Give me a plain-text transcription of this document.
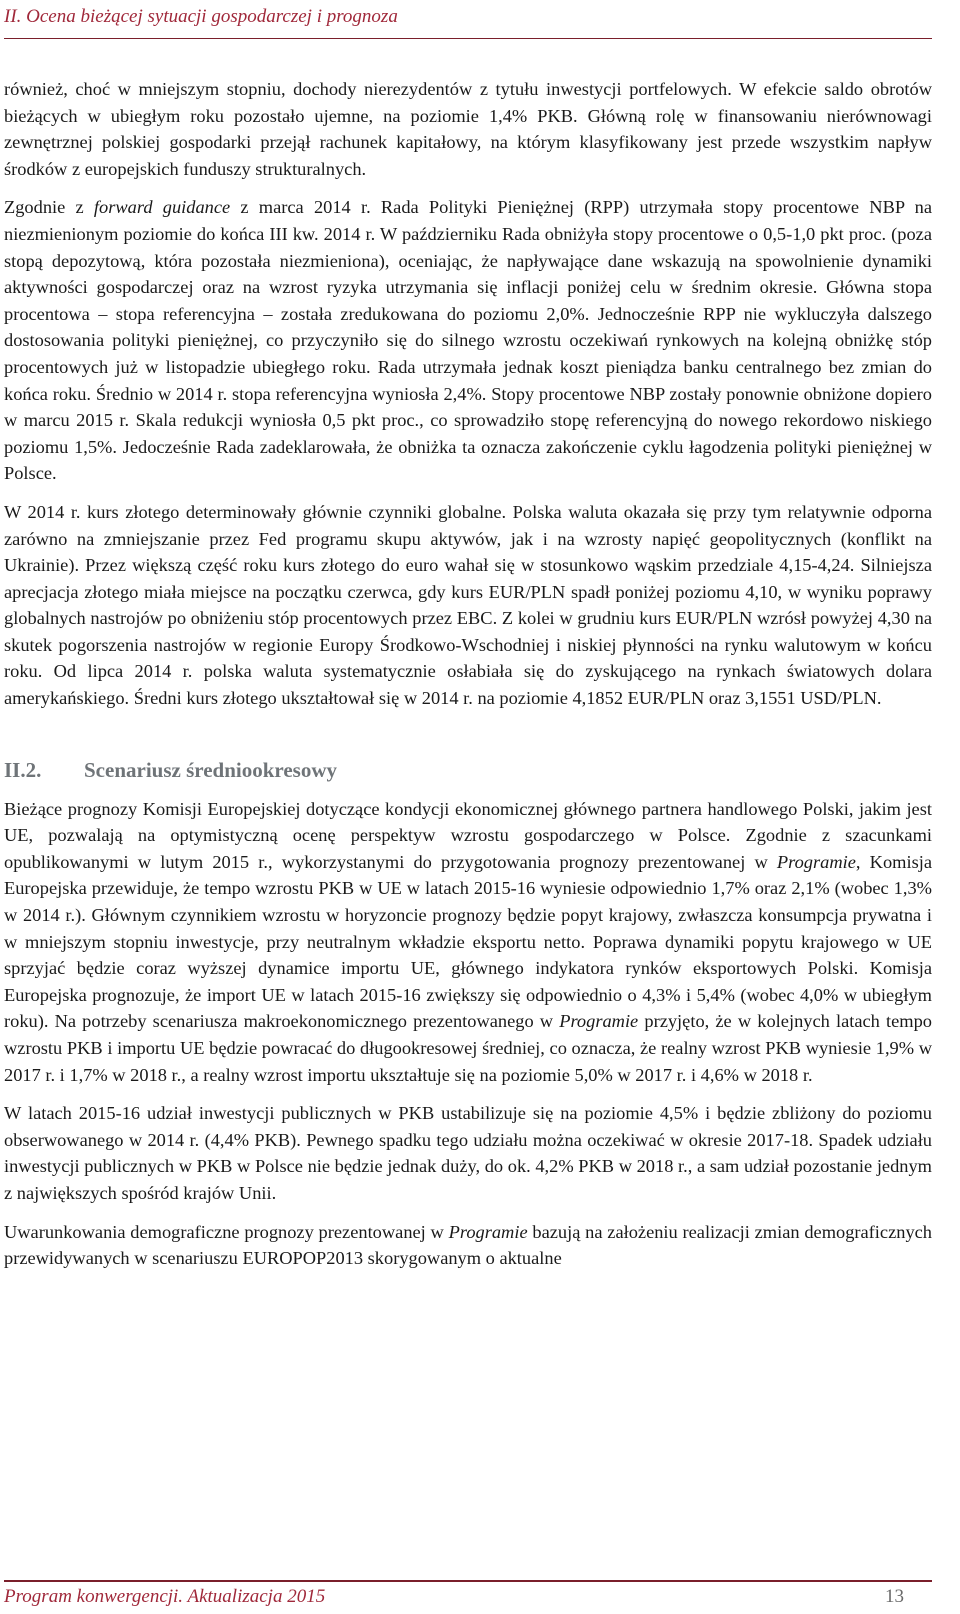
II. Ocena bieżącej sytuacji gospodarczej i prognoza

również, choć w mniejszym stopniu, dochody nierezydentów z tytułu inwestycji portfelowych. W efekcie saldo obrotów bieżących w ubiegłym roku pozostało ujemne, na poziomie 1,4% PKB. Główną rolę w finansowaniu nierównowagi zewnętrznej polskiej gospodarki przejął rachunek kapitałowy, na którym klasyfikowany jest przede wszystkim napływ środków z europejskich funduszy strukturalnych.

Zgodnie z forward guidance z marca 2014 r. Rada Polityki Pieniężnej (RPP) utrzymała stopy procentowe NBP na niezmienionym poziomie do końca III kw. 2014 r. W październiku Rada obniżyła stopy procentowe o 0,5-1,0 pkt proc. (poza stopą depozytową, która pozostała niezmieniona), oceniając, że napływające dane wskazują na spowolnienie dynamiki aktywności gospodarczej oraz na wzrost ryzyka utrzymania się inflacji poniżej celu w średnim okresie. Główna stopa procentowa – stopa referencyjna – została zredukowana do poziomu 2,0%. Jednocześnie RPP nie wykluczyła dalszego dostosowania polityki pieniężnej, co przyczyniło się do silnego wzrostu oczekiwań rynkowych na kolejną obniżkę stóp procentowych już w listopadzie ubiegłego roku. Rada utrzymała jednak koszt pieniądza banku centralnego bez zmian do końca roku. Średnio w 2014 r. stopa referencyjna wyniosła 2,4%. Stopy procentowe NBP zostały ponownie obniżone dopiero w marcu 2015 r. Skala redukcji wyniosła 0,5 pkt proc., co sprowadziło stopę referencyjną do nowego rekordowo niskiego poziomu 1,5%. Jedocześnie Rada zadeklarowała, że obniżka ta oznacza zakończenie cyklu łagodzenia polityki pieniężnej w Polsce.

W 2014 r. kurs złotego determinowały głównie czynniki globalne. Polska waluta okazała się przy tym relatywnie odporna zarówno na zmniejszanie przez Fed programu skupu aktywów, jak i na wzrosty napięć geopolitycznych (konflikt na Ukrainie). Przez większą część roku kurs złotego do euro wahał się w stosunkowo wąskim przedziale 4,15-4,24. Silniejsza aprecjacja złotego miała miejsce na początku czerwca, gdy kurs EUR/PLN spadł poniżej poziomu 4,10, w wyniku poprawy globalnych nastrojów po obniżeniu stóp procentowych przez EBC. Z kolei w grudniu kurs EUR/PLN wzrósł powyżej 4,30 na skutek pogorszenia nastrojów w regionie Europy Środkowo-Wschodniej i niskiej płynności na rynku walutowym w końcu roku. Od lipca 2014 r. polska waluta systematycznie osłabiała się do zyskującego na rynkach światowych dolara amerykańskiego. Średni kurs złotego ukształtował się w 2014 r. na poziomie 4,1852 EUR/PLN oraz 3,1551 USD/PLN.

II.2. Scenariusz średniookresowy

Bieżące prognozy Komisji Europejskiej dotyczące kondycji ekonomicznej głównego partnera handlowego Polski, jakim jest UE, pozwalają na optymistyczną ocenę perspektyw wzrostu gospodarczego w Polsce. Zgodnie z szacunkami opublikowanymi w lutym 2015 r., wykorzystanymi do przygotowania prognozy prezentowanej w Programie, Komisja Europejska przewiduje, że tempo wzrostu PKB w UE w latach 2015-16 wyniesie odpowiednio 1,7% oraz 2,1% (wobec 1,3% w 2014 r.). Głównym czynnikiem wzrostu w horyzoncie prognozy będzie popyt krajowy, zwłaszcza konsumpcja prywatna i w mniejszym stopniu inwestycje, przy neutralnym wkładzie eksportu netto. Poprawa dynamiki popytu krajowego w UE sprzyjać będzie coraz wyższej dynamice importu UE, głównego indykatora rynków eksportowych Polski. Komisja Europejska prognozuje, że import UE w latach 2015-16 zwiększy się odpowiednio o 4,3% i 5,4% (wobec 4,0% w ubiegłym roku). Na potrzeby scenariusza makroekonomicznego prezentowanego w Programie przyjęto, że w kolejnych latach tempo wzrostu PKB i importu UE będzie powracać do długookresowej średniej, co oznacza, że realny wzrost PKB wyniesie 1,9% w 2017 r. i 1,7% w 2018 r., a realny wzrost importu ukształtuje się na poziomie 5,0% w 2017 r. i 4,6% w 2018 r.

W latach 2015-16 udział inwestycji publicznych w PKB ustabilizuje się na poziomie 4,5% i będzie zbliżony do poziomu obserwowanego w 2014 r. (4,4% PKB). Pewnego spadku tego udziału można oczekiwać w okresie 2017-18. Spadek udziału inwestycji publicznych w PKB w Polsce nie będzie jednak duży, do ok. 4,2% PKB w 2018 r., a sam udział pozostanie jednym z największych spośród krajów Unii.

Uwarunkowania demograficzne prognozy prezentowanej w Programie bazują na założeniu realizacji zmian demograficznych przewidywanych w scenariuszu EUROPOP2013 skorygowanym o aktualne

Program konwergencji. Aktualizacja 2015	13
